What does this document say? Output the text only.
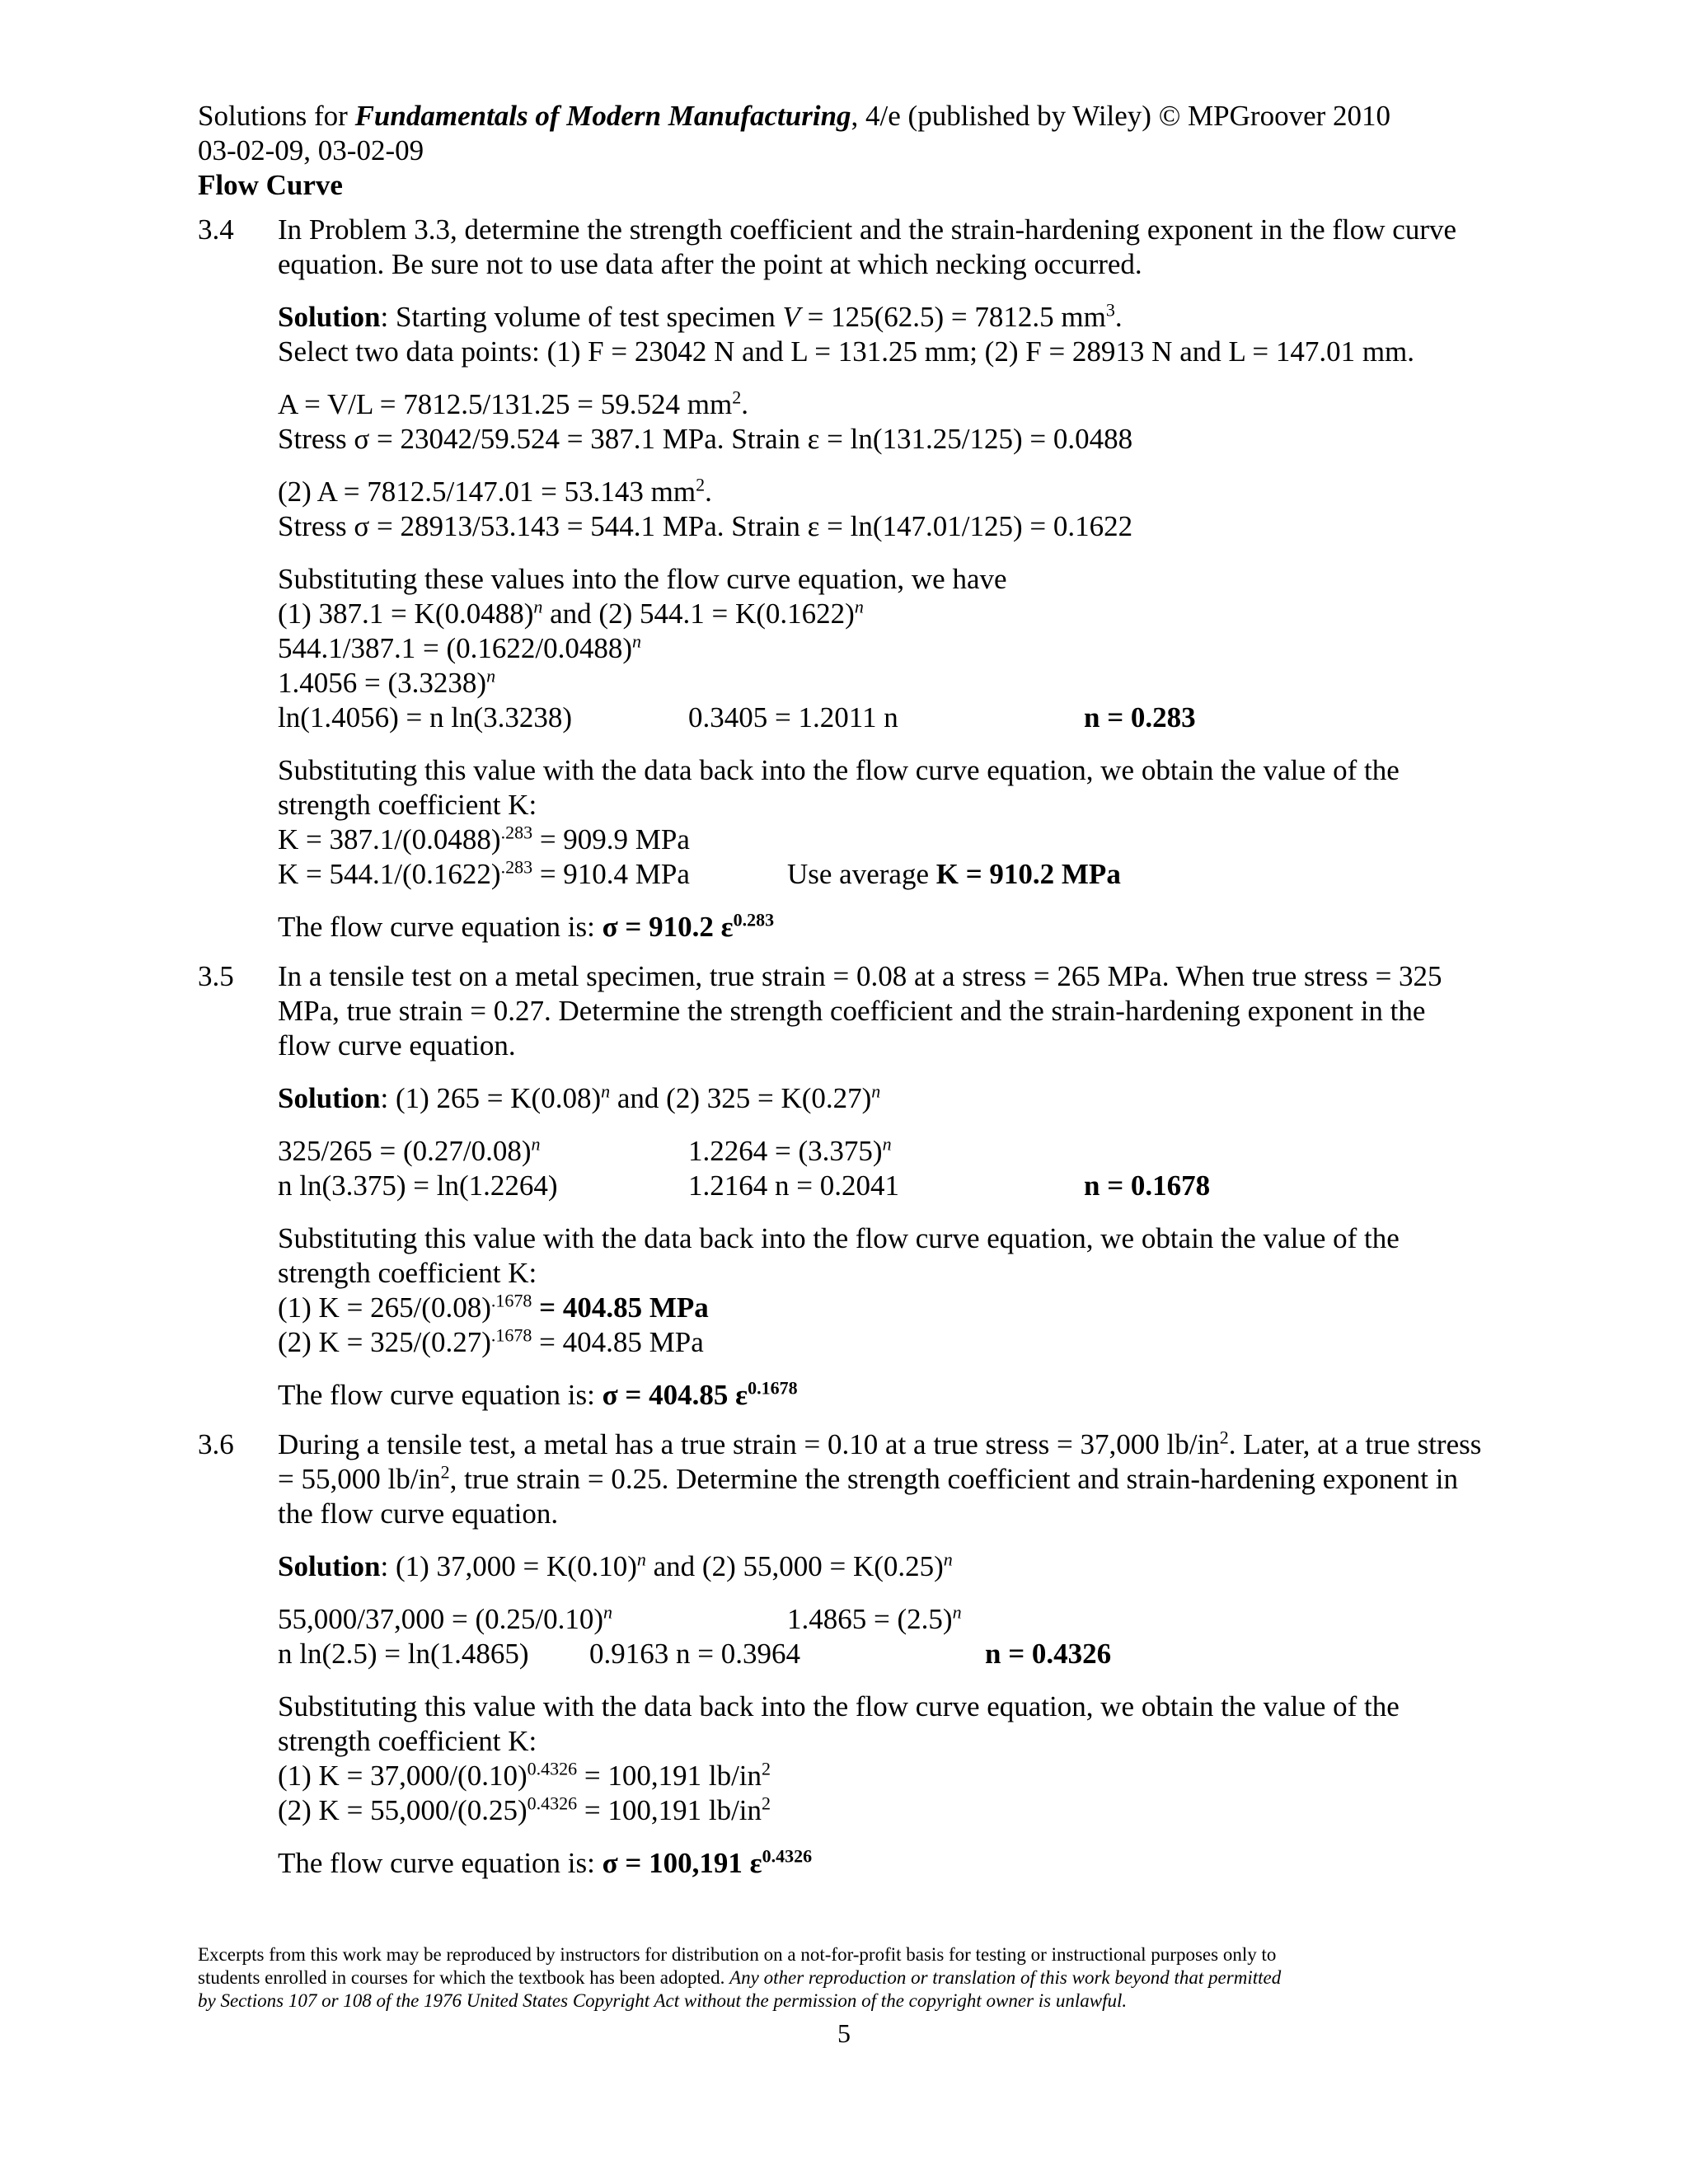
Solutions for Fundamentals of Modern Manufacturing, 4/e (published by Wiley) © MPGroover 2010
03-02-09, 03-02-09
Flow Curve
3.4 In Problem 3.3, determine the strength coefficient and the strain-hardening exponent in the flow curve equation. Be sure not to use data after the point at which necking occurred.
Solution: Starting volume of test specimen V = 125(62.5) = 7812.5 $mm^3$.
Select two data points: (1) F = 23042 N and L = 131.25 mm; (2) F = 28913 N and L = 147.01 mm.
A = V/L = 7812.5/131.25 = 59.524 $mm^2$.
Stress σ = 23042/59.524 = 387.1 MPa. Strain ε = ln(131.25/125) = 0.0488
(2) A = 7812.5/147.01 = 53.143 $mm^2$.
Stress σ = 28913/53.143 = 544.1 MPa. Strain ε = ln(147.01/125) = 0.1622
Substituting these values into the flow curve equation, we have
(1) $387.1 = K(0.0488)^n$ and (2) $544.1 = K(0.1622)^n$
$544.1/387.1 = (0.1622/0.0488)^n$
$1.4056 = (3.3238)^n$
ln(1.4056) = n ln(3.3238)	0.3405 = 1.2011 n	n = 0.283
Substituting this value with the data back into the flow curve equation, we obtain the value of the
strength coefficient K:
$K = 387.1/(0.0488)^{.283} = 909.9$ MPa
$K = 544.1/(0.1622)^{.283} = 910.4$ MPa	Use average K = 910.2 MPa
The flow curve equation is: σ = 910.2 $\varepsilon^{0.283}$
3.5 In a tensile test on a metal specimen, true strain = 0.08 at a stress = 265 MPa. When true stress = 325 MPa, true strain = 0.27. Determine the strength coefficient and the strain-hardening exponent in the flow curve equation.
Solution: (1) $265 = K(0.08)^n$ and (2) $325 = K(0.27)^n$
$325/265 = (0.27/0.08)^n$	$1.2264 = (3.375)^n$
n ln(3.375) = ln(1.2264)	1.2164 n = 0.2041	n = 0.1678
Substituting this value with the data back into the flow curve equation, we obtain the value of the
strength coefficient K:
(1) $K = 265/(0.08)^{.1678} = 404.85$ MPa
(2) $K = 325/(0.27)^{.1678} = 404.85$ MPa
The flow curve equation is: σ = 404.85 $\varepsilon^{0.1678}$
3.6 During a tensile test, a metal has a true strain = 0.10 at a true stress = 37,000 $lb/in^2$. Later, at a true stress = 55,000 $lb/in^2$, true strain = 0.25. Determine the strength coefficient and strain-hardening exponent in the flow curve equation.
Solution: (1) $37,000 = K(0.10)^n$ and (2) $55,000 = K(0.25)^n$
$55,000/37,000 = (0.25/0.10)^n$	$1.4865 = (2.5)^n$
n ln(2.5) = ln(1.4865) 0.9163 n = 0.3964	n = 0.4326
Substituting this value with the data back into the flow curve equation, we obtain the value of the
strength coefficient K:
(1) $K = 37,000/(0.10)^{0.4326} = 100,191$ $lb/in^2$
(2) $K = 55,000/(0.25)^{0.4326} = 100,191$ $lb/in^2$
The flow curve equation is: σ = 100,191 $\varepsilon^{0.4326}$
Excerpts from this work may be reproduced by instructors for distribution on a not-for-profit basis for testing or instructional purposes only to
students enrolled in courses for which the textbook has been adopted. Any other reproduction or translation of this work beyond that permitted
by Sections 107 or 108 of the 1976 United States Copyright Act without the permission of the copyright owner is unlawful.
5
